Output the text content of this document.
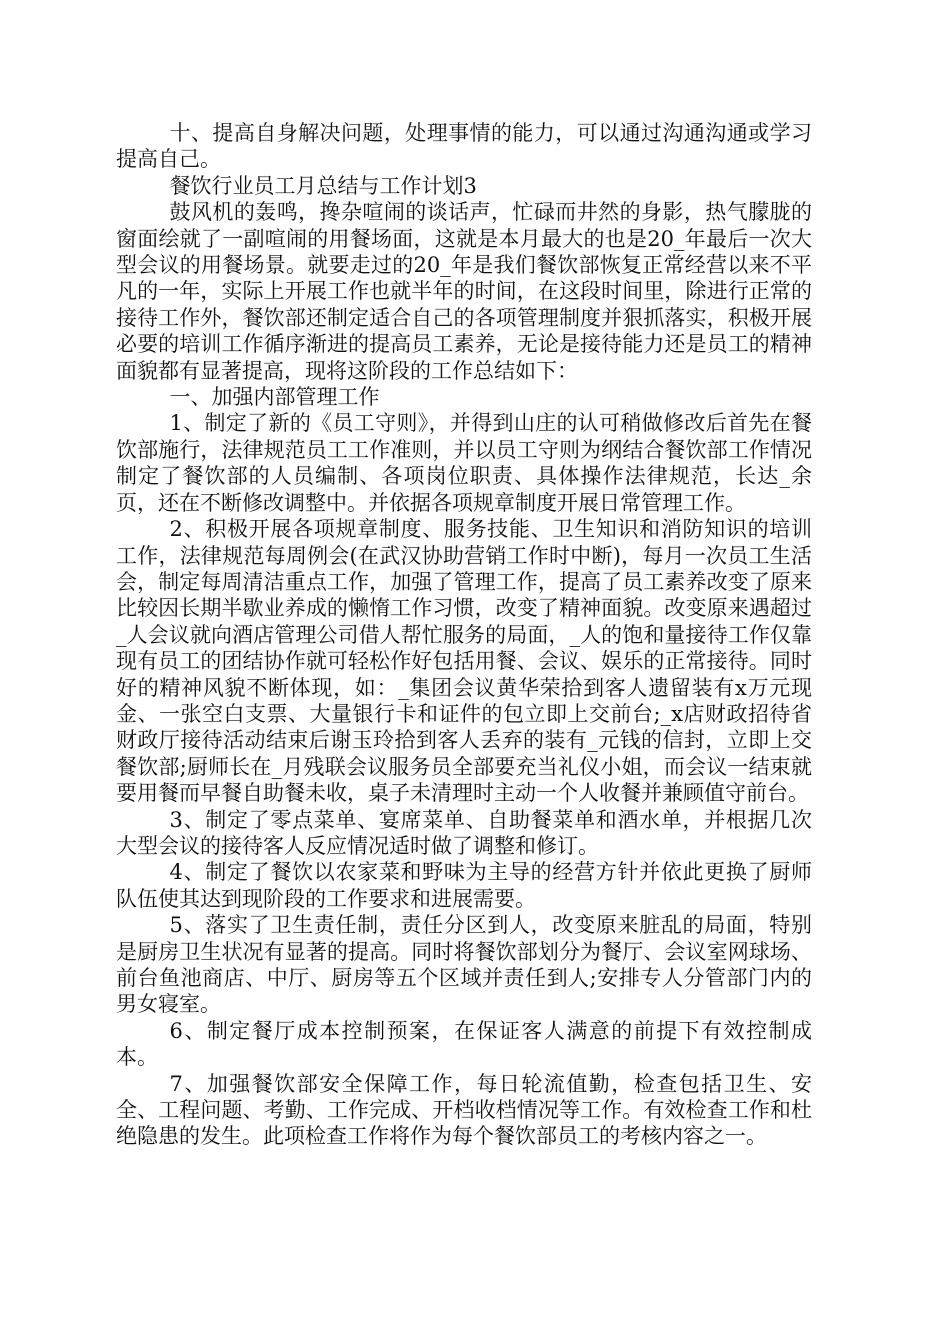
十、提高自身解决问题，处理事情的能力，可以通过沟通沟通或学习提高自己。

餐饮行业员工月总结与工作计划3

鼓风机的轰鸣，搀杂喧闹的谈话声，忙碌而井然的身影，热气朦胧的窗面绘就了一副喧闹的用餐场面，这就是本月最大的也是20_年最后一次大型会议的用餐场景。就要走过的20_年是我们餐饮部恢复正常经营以来不平凡的一年，实际上开展工作也就半年的时间，在这段时间里，除进行正常的接待工作外，餐饮部还制定适合自己的各项管理制度并狠抓落实，积极开展必要的培训工作循序渐进的提高员工素养，无论是接待能力还是员工的精神面貌都有显著提高，现将这阶段的工作总结如下：

一、加强内部管理工作

1、制定了新的《员工守则》，并得到山庄的认可稍做修改后首先在餐饮部施行，法律规范员工工作准则，并以员工守则为纲结合餐饮部工作情况制定了餐饮部的人员编制、各项岗位职责、具体操作法律规范，长达_余页，还在不断修改调整中。并依据各项规章制度开展日常管理工作。

2、积极开展各项规章制度、服务技能、卫生知识和消防知识的培训工作，法律规范每周例会(在武汉协助营销工作时中断)，每月一次员工生活会，制定每周清洁重点工作，加强了管理工作，提高了员工素养改变了原来比较因长期半歇业养成的懒惰工作习惯，改变了精神面貌。改变原来遇超过_人会议就向酒店管理公司借人帮忙服务的局面，_人的饱和量接待工作仅靠现有员工的团结协作就可轻松作好包括用餐、会议、娱乐的正常接待。同时好的精神风貌不断体现，如：_集团会议黄华荣拾到客人遗留装有x万元现金、一张空白支票、大量银行卡和证件的包立即上交前台;_x店财政招待省财政厅接待活动结束后谢玉玲拾到客人丢弃的装有_元钱的信封，立即上交餐饮部;厨师长在_月残联会议服务员全部要充当礼仪小姐，而会议一结束就要用餐而早餐自助餐未收，桌子未清理时主动一个人收餐并兼顾值守前台。

3、制定了零点菜单、宴席菜单、自助餐菜单和酒水单，并根据几次大型会议的接待客人反应情况适时做了调整和修订。

4、制定了餐饮以农家菜和野味为主导的经营方针并依此更换了厨师队伍使其达到现阶段的工作要求和进展需要。

5、落实了卫生责任制，责任分区到人，改变原来脏乱的局面，特别是厨房卫生状况有显著的提高。同时将餐饮部划分为餐厅、会议室网球场、前台鱼池商店、中厅、厨房等五个区域并责任到人;安排专人分管部门内的男女寝室。

6、制定餐厅成本控制预案，在保证客人满意的前提下有效控制成本。

7、加强餐饮部安全保障工作，每日轮流值勤，检查包括卫生、安全、工程问题、考勤、工作完成、开档收档情况等工作。有效检查工作和杜绝隐患的发生。此项检查工作将作为每个餐饮部员工的考核内容之一。
